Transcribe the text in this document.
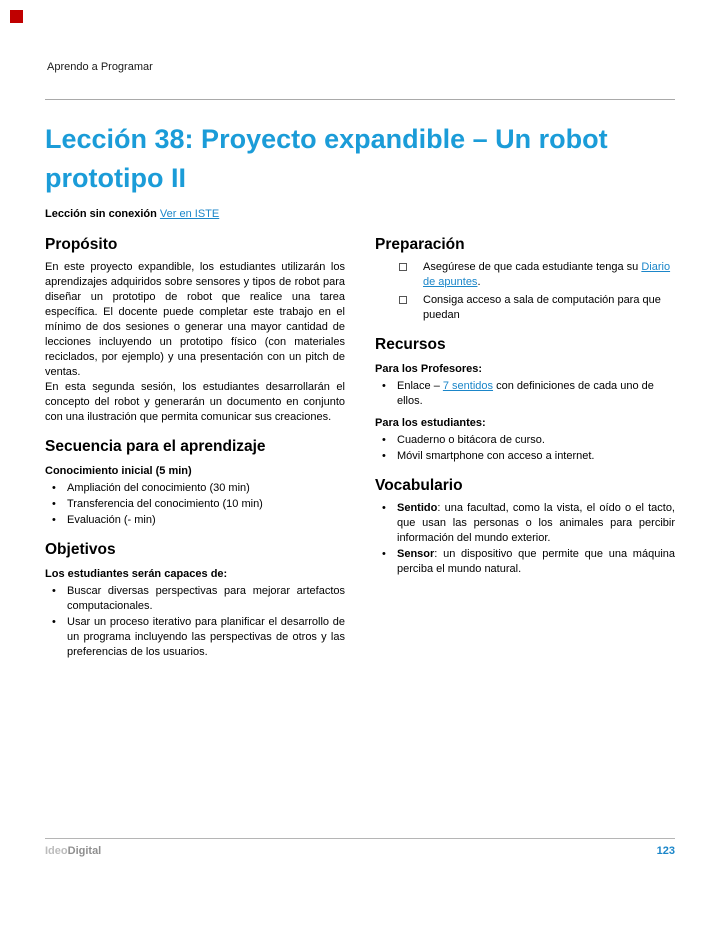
Aprendo a Programar
Lección 38: Proyecto expandible – Un robot prototipo II
Lección sin conexión Ver en ISTE
Propósito

En este proyecto expandible, los estudiantes utilizarán los aprendizajes adquiridos sobre sensores y tipos de robot para diseñar un prototipo de robot que realice una tarea específica. El docente puede completar este trabajo en el mínimo de dos sesiones o generar una mayor cantidad de lecciones incluyendo un prototipo físico (con materiales reciclados, por ejemplo) y una presentación con un pitch de ventas.

En esta segunda sesión, los estudiantes desarrollarán el concepto del robot y generarán un documento en conjunto con una ilustración que permita comunicar sus creaciones.

Secuencia para el aprendizaje

Conocimiento inicial (5 min)

• Ampliación del conocimiento (30 min)
• Transferencia del conocimiento (10 min)
• Evaluación (- min)
Objetivos

Los estudiantes serán capaces de:

• Buscar diversas perspectivas para mejorar artefactos computacionales.
• Usar un proceso iterativo para planificar el desarrollo de un programa incluyendo las perspectivas de otros y las preferencias de los usuarios.
Preparación
Asegúrese de que cada estudiante tenga su Diario de apuntes.
Consiga acceso a sala de computación para que puedan
Recursos

Para los Profesores:

• Enlace – 7 sentidos con definiciones de cada uno de ellos.

Para los estudiantes:

• Cuaderno o bitácora de curso.
• Móvil smartphone con acceso a internet.
Vocabulario
• Sentido: una facultad, como la vista, el oído o el tacto, que usan las personas o los animales para percibir información del mundo exterior.
• Sensor: un dispositivo que permite que una máquina perciba el mundo natural.
IdeoDigital	123
